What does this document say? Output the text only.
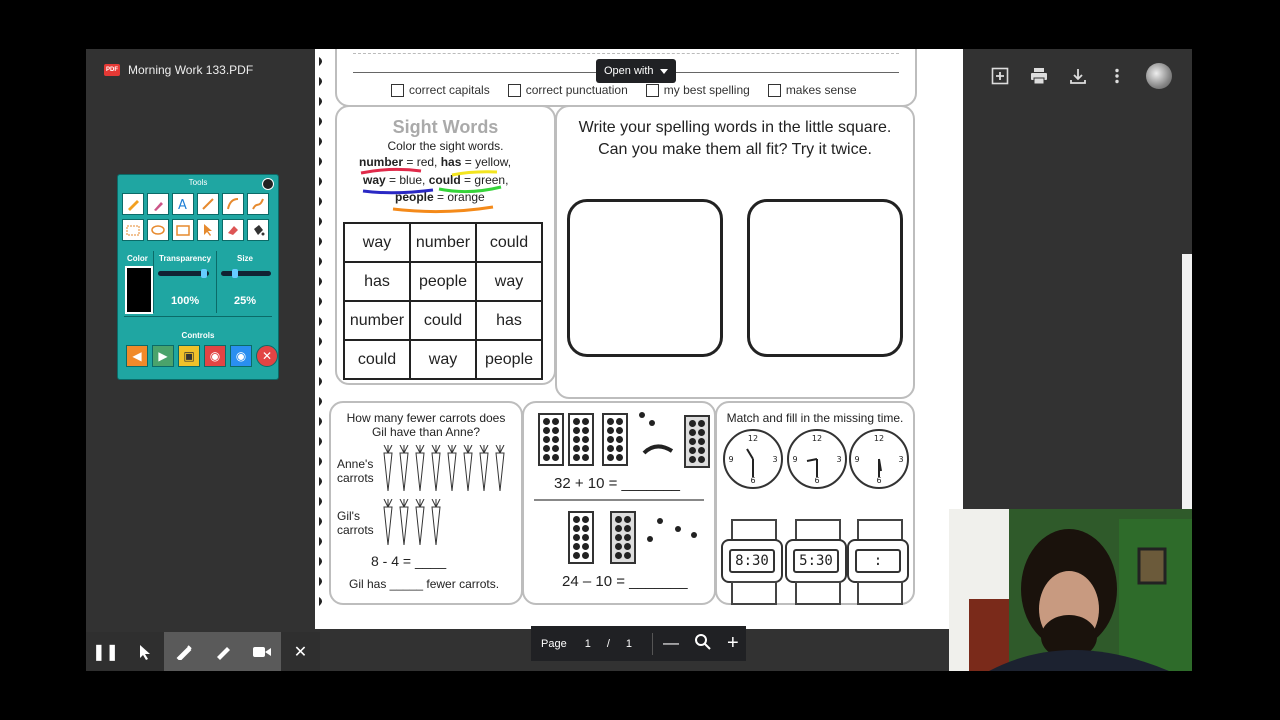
PDF Morning Work 133.PDF
correct capitals	correct punctuation	my best spelling	makes sense
Open with
Sight Words
Color the sight words.
number = red, has = yellow,
way = blue, could = green,
people = orange
way	number	could
has	people	way
number	could	has
could	way	people
Write your spelling words in the little square.
Can you make them all fit? Try it twice.
How many fewer carrots does
Gil have than Anne?
Anne's
carrots
Gil's
carrots
8 - 4 = ____
Gil has _____ fewer carrots.
32 + 10 = _______
24 – 10 = _______
Match and fill in the missing time.
12
3
6
9
12
3
6
9
12
3
6
9
8:30	5:30	:
Tools
A
Color Transparency	Size
100%	25%
Controls
◀	▶	▣	◉	◉	✕
❚❚	✕	Page 1 / 1 — +
